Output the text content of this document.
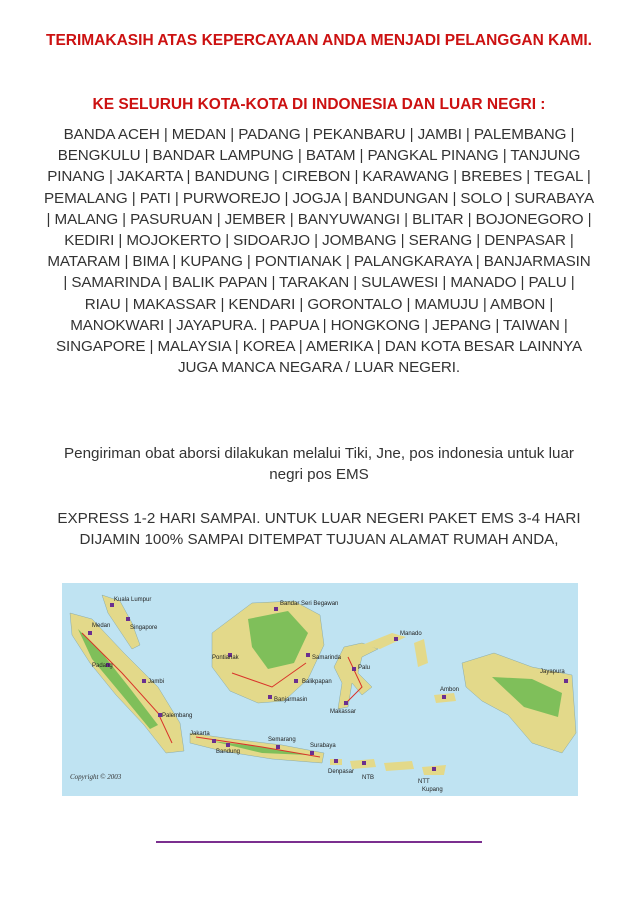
TERIMAKASIH ATAS KEPERCAYAAN ANDA MENJADI PELANGGAN KAMI.

KE SELURUH KOTA-KOTA DI INDONESIA DAN LUAR NEGRI :

BANDA ACEH | MEDAN | PADANG | PEKANBARU | JAMBI | PALEMBANG | BENGKULU | BANDAR LAMPUNG | BATAM | PANGKAL PINANG | TANJUNG PINANG | JAKARTA | BANDUNG | CIREBON | KARAWANG | BREBES | TEGAL | PEMALANG | PATI | PURWOREJO | JOGJA | BANDUNGAN | SOLO | SURABAYA | MALANG | PASURUAN | JEMBER | BANYUWANGI | BLITAR | BOJONEGORO | KEDIRI | MOJOKERTO | SIDOARJO | JOMBANG | SERANG | DENPASAR | MATARAM | BIMA | KUPANG | PONTIANAK | PALANGKARAYA | BANJARMASIN | SAMARINDA | BALIK PAPAN | TARAKAN | SULAWESI | MANADO | PALU | RIAU | MAKASSAR | KENDARI | GORONTALO | MAMUJU | AMBON | MANOKWARI | JAYAPURA. | PAPUA | HONGKONG | JEPANG | TAIWAN | SINGAPORE | MALAYSIA | KOREA | AMERIKA | DAN KOTA BESAR LAINNYA JUGA MANCA NEGARA / LUAR NEGERI.

Pengiriman obat aborsi dilakukan melalui Tiki, Jne, pos indonesia untuk luar negri pos EMS

EXPRESS 1-2 HARI SAMPAI. UNTUK LUAR NEGERI PAKET EMS 3-4 HARI DIJAMIN 100% SAMPAI DITEMPAT TUJUAN ALAMAT RUMAH ANDA,

Kuala Lumpur
Singapore
Bandar Seri Begawan
Samarinda
Balikpapan
Banjarmasin
Pontianak
Palu
Manado
Makassar
Jakarta
Bandung
Semarang
Surabaya
Denpasar
NTB
NTT
Kupang
Ambon
Jayapura
Palembang
Jambi
Padang
Medan
Copyright © 2003
